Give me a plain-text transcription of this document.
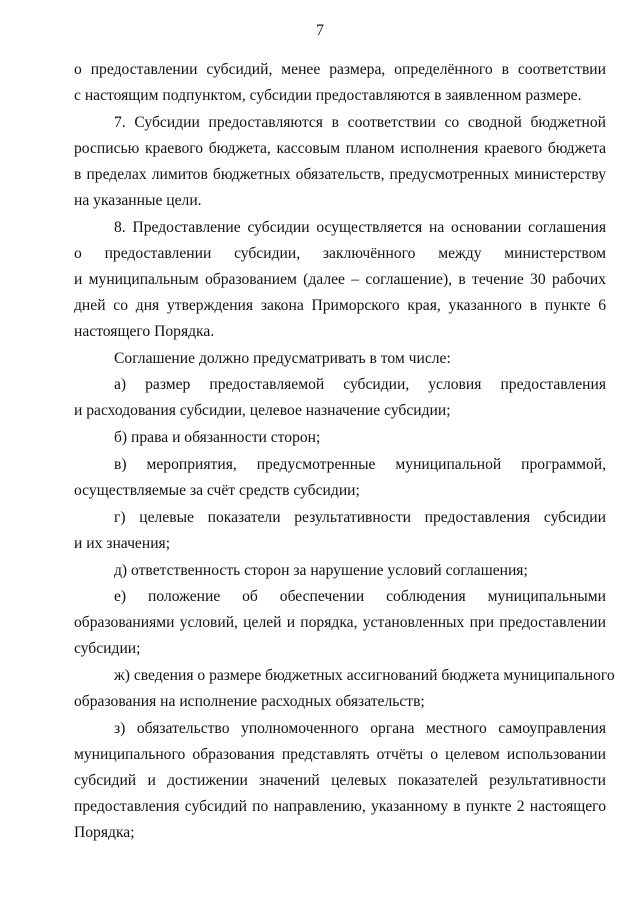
7
о предоставлении субсидий, менее размера, определённого в соответствии
с настоящим подпунктом, субсидии предоставляются в заявленном размере.
7. Субсидии предоставляются в соответствии со сводной бюджетной
росписью краевого бюджета, кассовым планом исполнения краевого бюджета
в пределах лимитов бюджетных обязательств, предусмотренных министерству
на указанные цели.
8. Предоставление субсидии осуществляется на основании соглашения
о предоставлении субсидии, заключённого между министерством
и муниципальным образованием (далее – соглашение), в течение 30 рабочих
дней со дня утверждения закона Приморского края, указанного в пункте 6
настоящего Порядка.
Соглашение должно предусматривать в том числе:
а) размер предоставляемой субсидии, условия предоставления
и расходования субсидии, целевое назначение субсидии;
б) права и обязанности сторон;
в) мероприятия, предусмотренные муниципальной программой,
осуществляемые за счёт средств субсидии;
г) целевые показатели результативности предоставления субсидии
и их значения;
д) ответственность сторон за нарушение условий соглашения;
е) положение об обеспечении соблюдения муниципальными
образованиями условий, целей и порядка, установленных при предоставлении
субсидии;
ж) сведения о размере бюджетных ассигнований бюджета муниципального
образования на исполнение расходных обязательств;
з) обязательство уполномоченного органа местного самоуправления
муниципального образования представлять отчёты о целевом использовании
субсидий и достижении значений целевых показателей результативности
предоставления субсидий по направлению, указанному в пункте 2 настоящего
Порядка;
